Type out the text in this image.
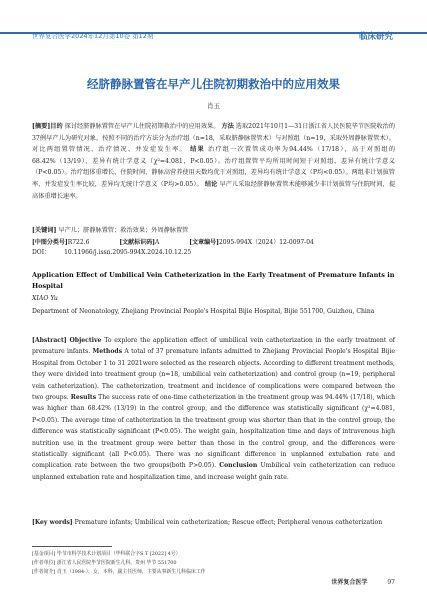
世界复合医学2024年12月第10卷 第12期	临床研究
经脐静脉置管在早产儿住院初期救治中的应用效果
肖玉
[摘要]目的 探讨经脐静脉置管在早产儿住院初期救治中的应用效果。 方法 选取2021年10月1—31日浙江省人民医院毕节医院收治的37例早产儿为研究对象，按照不同的治疗方法分为治疗组（n=18，采取脐静脉置管术）与对照组（n=19，采取外周静脉置管术）。对比两组置管情况、治疗情况、并发症发生率。 结果 治疗组一次置管成功率为94.44%（17/18），高于对照组的68.42%（13/19），差异有统计学意义（χ²=4.081，P<0.05）。治疗组置管平均所用时间短于对照组，差异有统计学意义（P<0.05）。治疗组体重增长、住院时间、静脉高营养使用天数均优于对照组，差异均有统计学意义（P均<0.05）。两组非计划拔管率、并发症发生率比较，差异均无统计学意义（P均>0.05）。 结论 早产儿采取经脐静脉置管术能够减少非计划拔管与住院时间，提高体重增长速率。
[关键词] 早产儿；脐静脉置管；救治效果；外周静脉置管
[中图分类号]R722.6	[文献标识码]A	[文章编号]2095-994X（2024）12-0097-04
DOI： 10.11966/j.issn.2095-994X.2024.10.12.25
Application Effect of Umbilical Vein Catheterization in the Early Treatment of Premature Infants in Hospital
XIAO Yu
Department of Neonatology, Zhejiang Provincial People's Hospital Bijie Hospital, Bijie 551700, Guizhou, China
[Abstract] Objective To explore the application effect of umbilical vein catheterization in the early treatment of premature infants. Methods A total of 37 premature infants admitted to Zhejiang Provincial People's Hospital Bijie Hospital from October 1 to 31 2021were selected as the research objects. According to different treatment methods, they were divided into treatment group (n=18, umbilical vein catheterization) and control group (n=19, peripheral vein catheterization). The catheterization, treatment and incidence of complications were compared between the two groups. Results The success rate of one-time catheterization in the treatment group was 94.44% (17/18), which was higher than 68.42% (13/19) in the control group, and the difference was statistically significant (χ²=4.081, P<0.05). The average time of catheterization in the treatment group was shorter than that in the control group, the difference was statistically significant (P<0.05). The weight gain, hospitalization time and days of intravenous high nutrition use in the treatment group were better than those in the control group, and the differences were statistically significant (all P<0.05). There was no significant difference in unplanned extubation rate and complication rate between the two groups(both P>0.05). Conclusion Umbilical vein catheterization can reduce unplanned extubation rate and hospitalization time, and increase weight gain rate.
[Key words] Premature infants; Umbilical vein catheterization; Rescue effect; Peripheral venous catheterization
[基金项目] 毕节市科学技术计划项目（毕科联合字S T [2022] 4号）
[作者单位] 浙江省人民医院毕节医院新生儿科，贵州 毕节 551700
[作者简介] 肖玉（1984-），女，本科，副主任医师，主要从事新生儿科临床工作
世界复合医学	97
